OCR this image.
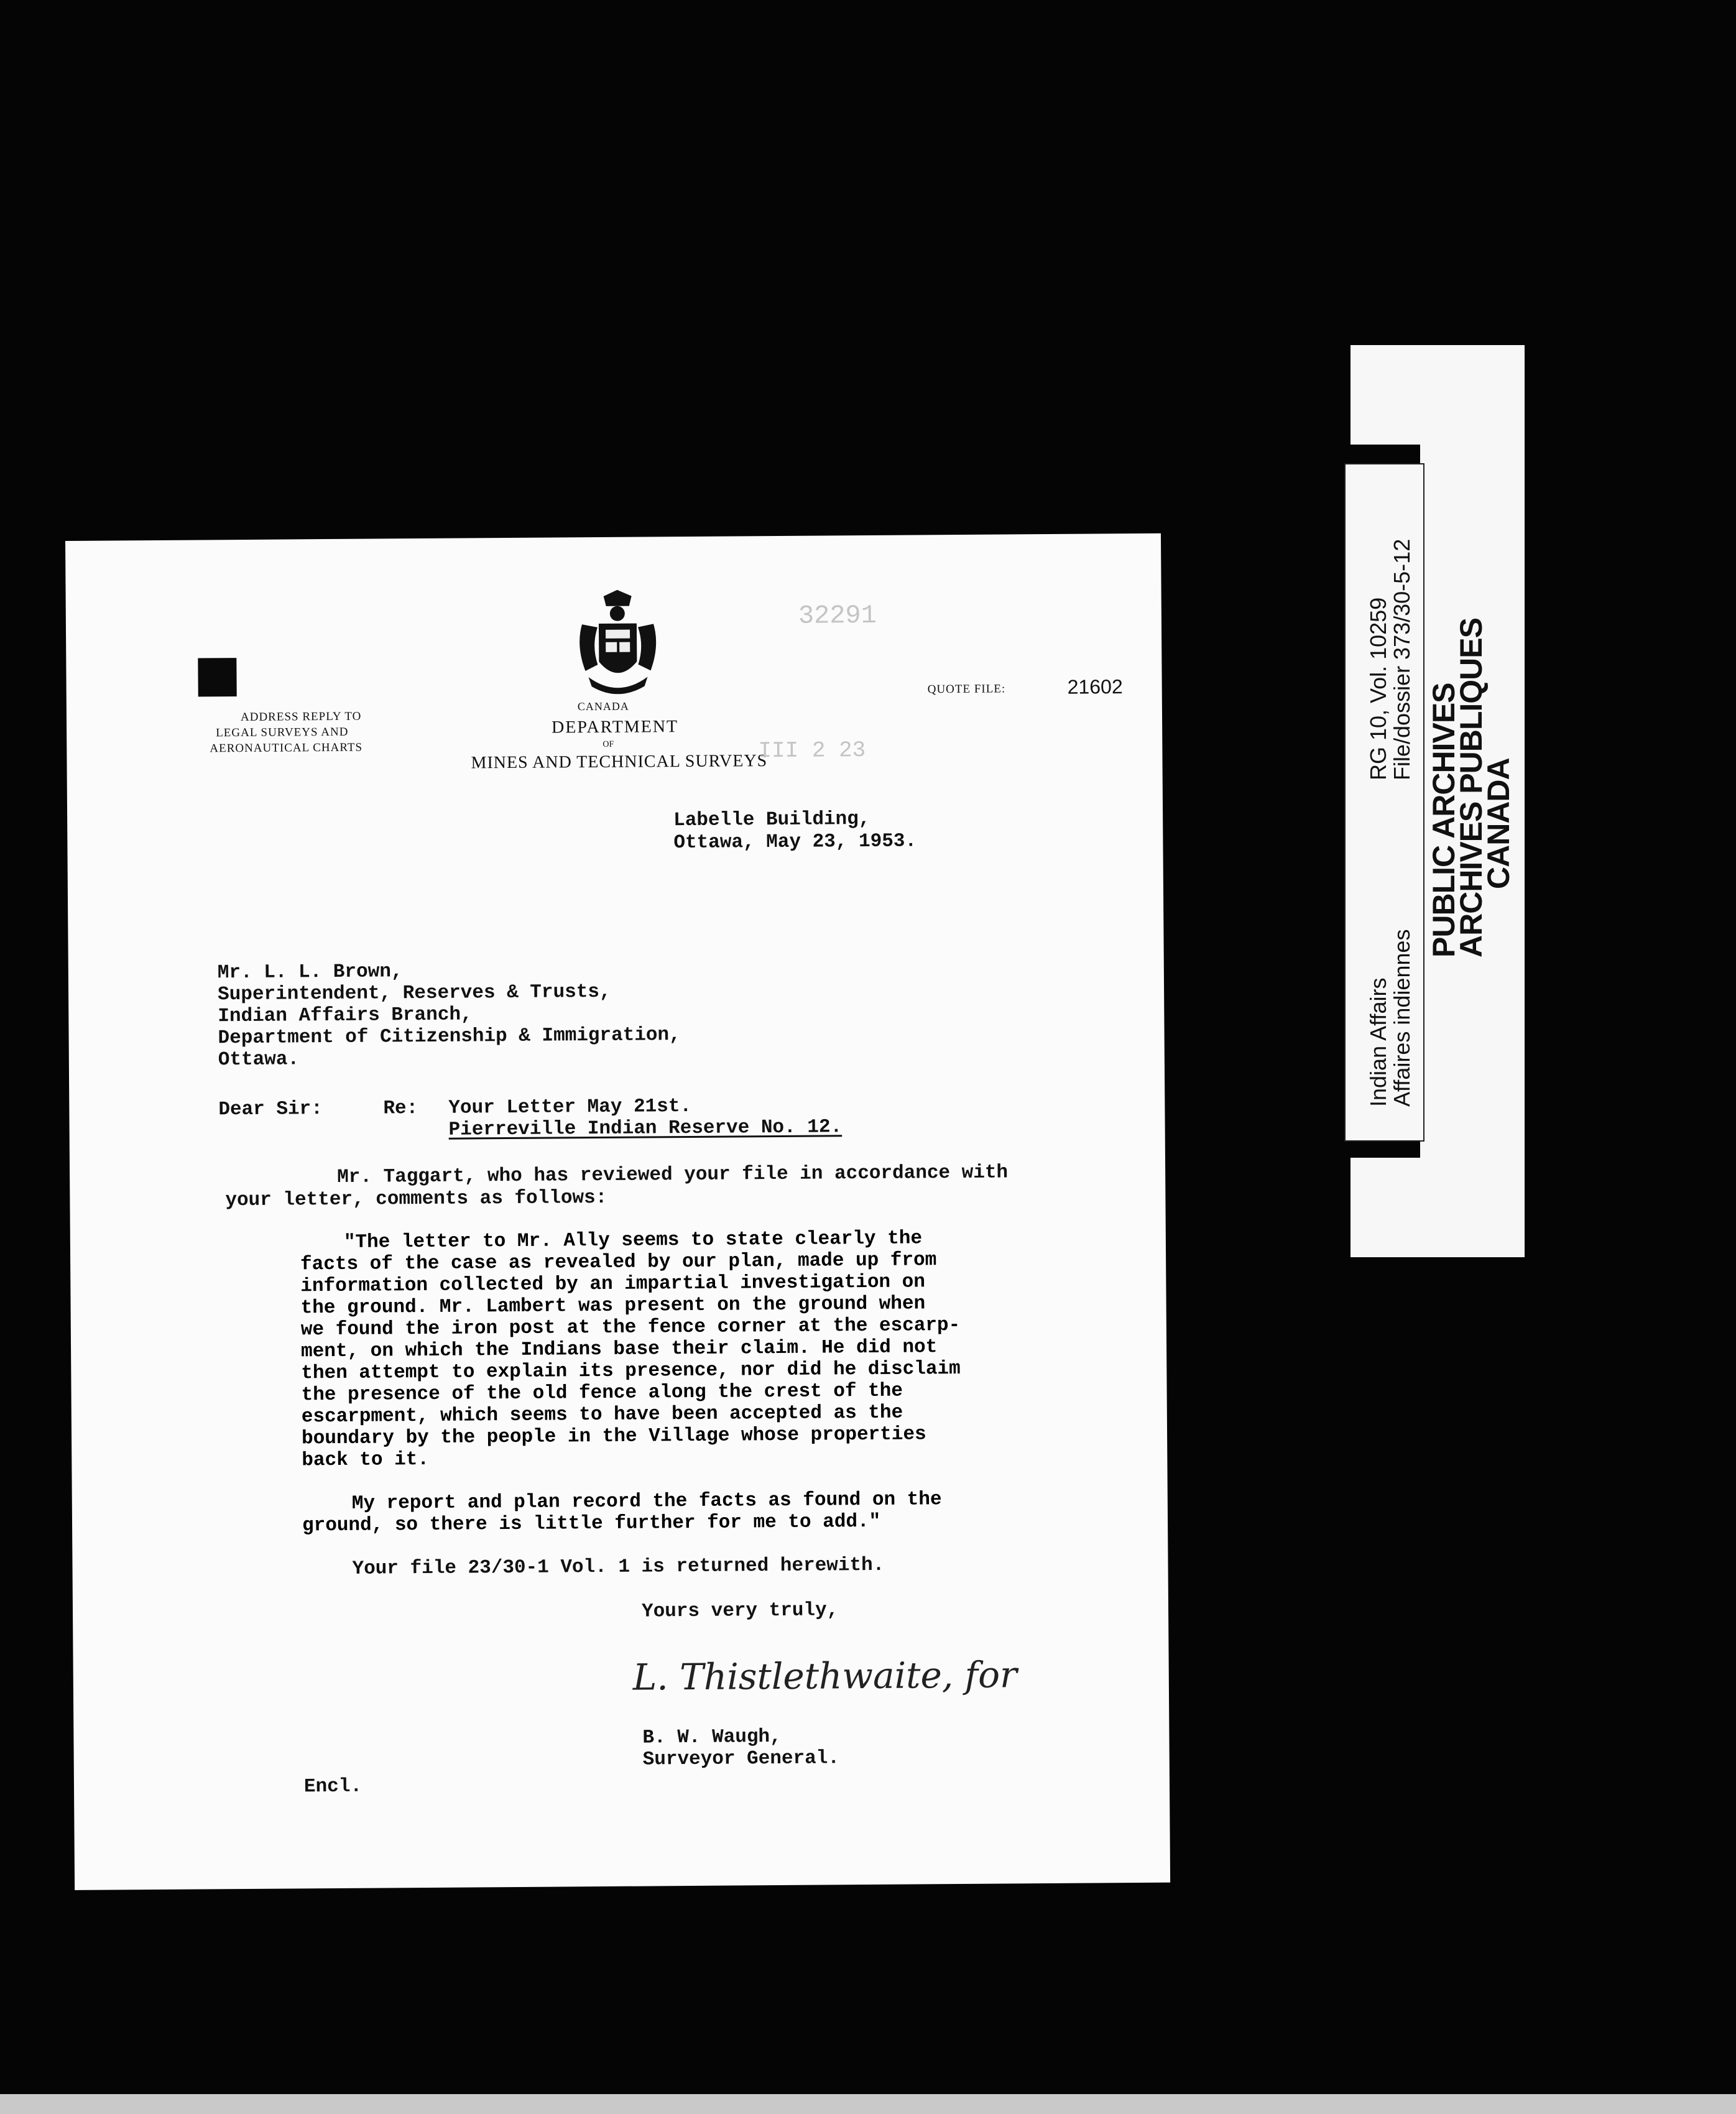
ADDRESS REPLY TO
LEGAL SURVEYS AND
AERONAUTICAL CHARTS
CANADA
DEPARTMENT
OF
MINES AND TECHNICAL SURVEYS
32291
III 2 23
QUOTE FILE:	21602
Labelle Building,
Ottawa, May 23, 1953.
Mr. L. L. Brown,
Superintendent, Reserves & Trusts,
Indian Affairs Branch,
Department of Citizenship & Immigration,
Ottawa.
Dear Sir:	Re: Your Letter May 21st.
Pierreville Indian Reserve No. 12.
Mr. Taggart, who has reviewed your file in accordance with
your letter, comments as follows:
"The letter to Mr. Ally seems to state clearly the
facts of the case as revealed by our plan, made up from
information collected by an impartial investigation on
the ground. Mr. Lambert was present on the ground when
we found the iron post at the fence corner at the escarp-
ment, on which the Indians base their claim. He did not
then attempt to explain its presence, nor did he disclaim
the presence of the old fence along the crest of the
escarpment, which seems to have been accepted as the
boundary by the people in the Village whose properties
back to it.
My report and plan record the facts as found on the
ground, so there is little further for me to add."
Your file 23/30-1 Vol. 1 is returned herewith.
Yours very truly,
L. Thistlethwaite, for
B. W. Waugh,
Surveyor General.
Encl.
Indian Affairs
Affaires indiennes
RG 10, Vol. 10259
File/dossier 373/30-5-12
PUBLIC ARCHIVES
ARCHIVES PUBLIQUES
CANADA
